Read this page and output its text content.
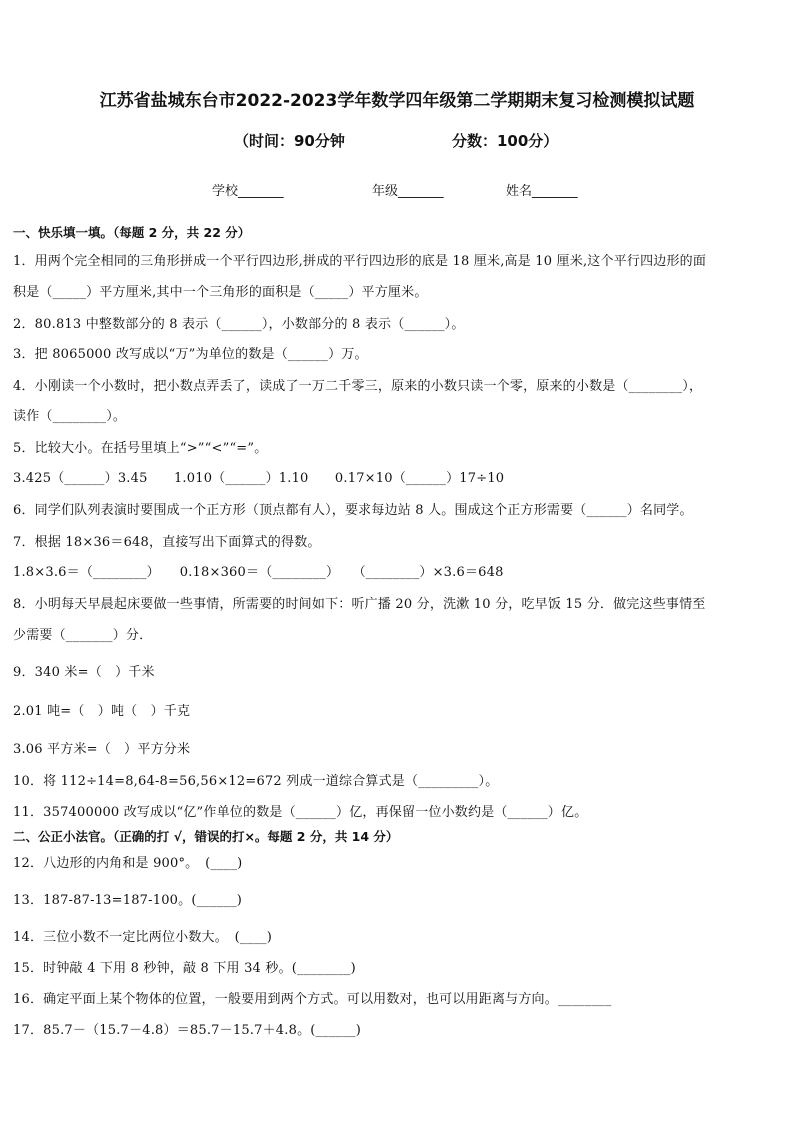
江苏省盐城东台市2022-2023学年数学四年级第二学期期末复习检测模拟试题
（时间：90分钟	分数：100分）
学校_______	年级_______	姓名_______
一、快乐填一填。（每题 2 分，共 22 分）
1．用两个完全相同的三角形拼成一个平行四边形,拼成的平行四边形的底是 18 厘米,高是 10 厘米,这个平行四边形的面
积是（_____）平方厘米,其中一个三角形的面积是（_____）平方厘米。
2．80.813 中整数部分的 8 表示（______），小数部分的 8 表示（______）。
3．把 8065000 改写成以“万”为单位的数是（______）万。
4．小刚读一个小数时，把小数点弄丢了，读成了一万二千零三，原来的小数只读一个零，原来的小数是（________），
读作（________）。
5．比较大小。在括号里填上“>”“<”“=”。
3.425（______）3.45　　1.010（______）1.10　　0.17×10（______）17÷10
6．同学们队列表演时要围成一个正方形（顶点都有人），要求每边站 8 人。围成这个正方形需要（______）名同学。
7．根据 18×36＝648，直接写出下面算式的得数。
1.8×3.6＝（________）　　0.18×360＝（________）　　（________）×3.6＝648
8．小明每天早晨起床要做一些事情，所需要的时间如下：听广播 20 分，洗漱 10 分，吃早饭 15 分．做完这些事情至
少需要（_______）分．
9．340 米=（　）千米
2.01 吨=（　）吨（　）千克
3.06 平方米=（　）平方分米
10．将 112÷14=8,64-8=56,56×12=672 列成一道综合算式是（_________）。
11．357400000 改写成以“亿”作单位的数是（______）亿，再保留一位小数约是（______）亿。
二、公正小法官。（正确的打 √，错误的打×。每题 2 分，共 14 分）
12．八边形的内角和是 900°。　(____)
13．187-87-13=187-100。(______)
14．三位小数不一定比两位小数大。　(____)
15．时钟敲 4 下用 8 秒钟，敲 8 下用 34 秒。(________)
16．确定平面上某个物体的位置，一般要用到两个方式。可以用数对，也可以用距离与方向。________
17．85.7－（15.7－4.8）＝85.7－15.7＋4.8。(______)
